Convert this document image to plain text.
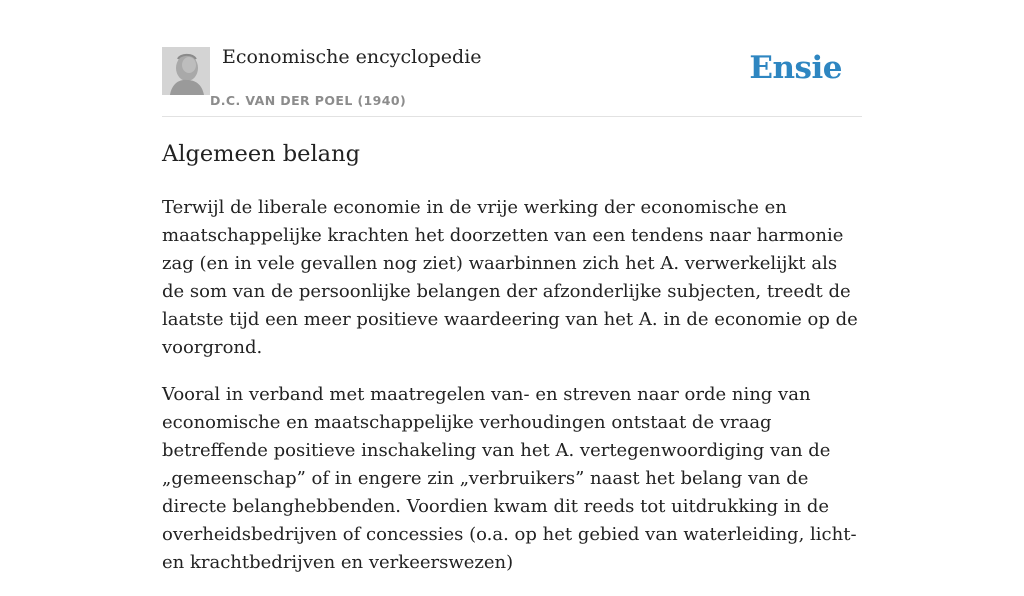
Economische encyclopedie
D.C. VAN DER POEL (1940)
Ensie
Algemeen belang

Terwijl de liberale economie in de vrije werking der economische en maatschappelijke krachten het doorzetten van een tendens naar harmonie zag (en in vele gevallen nog ziet) waarbinnen zich het A. verwerkelijkt als de som van de persoonlijke belangen der afzonderlijke subjecten, treedt de laatste tijd een meer positieve waardeering van het A. in de economie op de voorgrond.

Vooral in verband met maatregelen van- en streven naar orde ning van economische en maatschappelijke verhoudingen ontstaat de vraag betreffende positieve inschakeling van het A. vertegenwoordiging van de „gemeenschap” of in engere zin „verbruikers” naast het belang van de directe belanghebbenden. Voordien kwam dit reeds tot uitdrukking in de overheidsbedrijven of concessies (o.a. op het gebied van waterleiding, licht- en krachtbedrijven en verkeerswezen)
